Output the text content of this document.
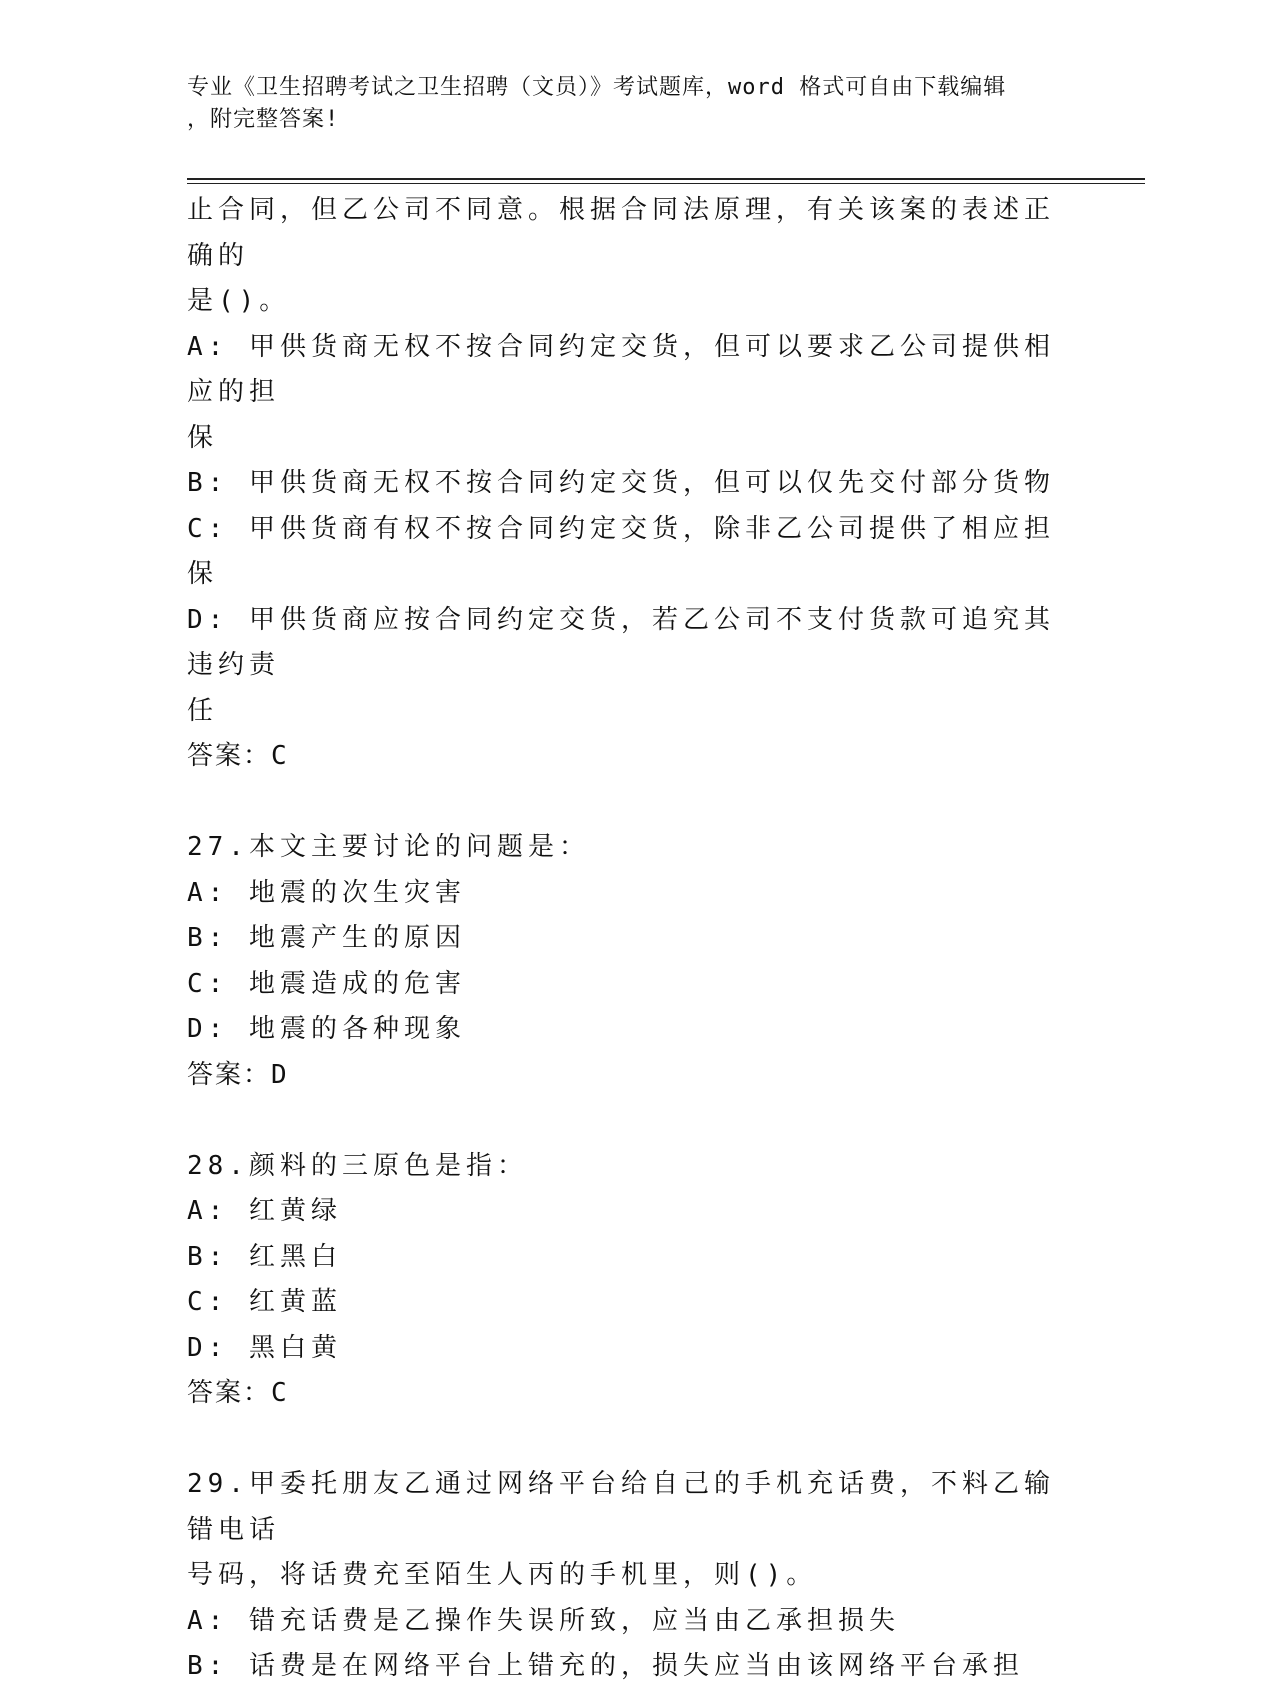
专业《卫生招聘考试之卫生招聘（文员）》考试题库，word 格式可自由下载编辑
，附完整答案!

止合同，但乙公司不同意。根据合同法原理，有关该案的表述正确的

是()。

A: 甲供货商无权不按合同约定交货，但可以要求乙公司提供相应的担

保

B: 甲供货商无权不按合同约定交货，但可以仅先交付部分货物

C: 甲供货商有权不按合同约定交货，除非乙公司提供了相应担保

D: 甲供货商应按合同约定交货，若乙公司不支付货款可追究其违约责

任

答案：C

27.本文主要讨论的问题是：

A: 地震的次生灾害

B: 地震产生的原因

C: 地震造成的危害

D: 地震的各种现象

答案：D

28.颜料的三原色是指：

A: 红黄绿

B: 红黑白

C: 红黄蓝

D: 黑白黄

答案：C

29.甲委托朋友乙通过网络平台给自己的手机充话费，不料乙输错电话

号码，将话费充至陌生人丙的手机里，则()。

A: 错充话费是乙操作失误所致，应当由乙承担损失

B: 话费是在网络平台上错充的，损失应当由该网络平台承担
